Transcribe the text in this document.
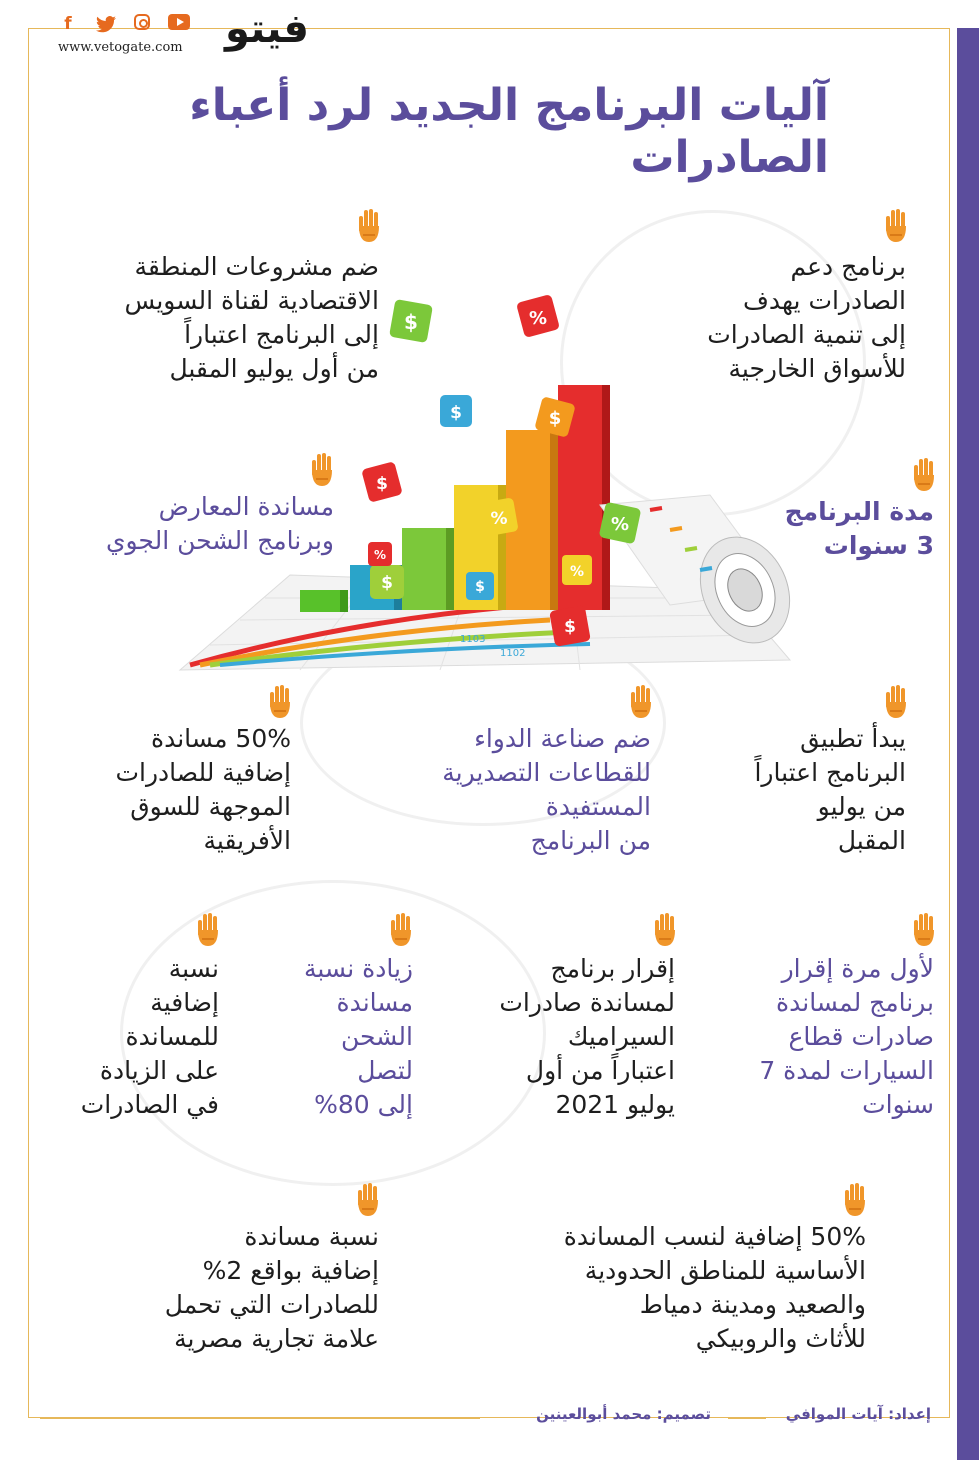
f
www.vetogate.com فيتو
آليات البرنامج الجديد لرد أعباء الصادرات
برنامج دعم
الصادرات يهدف
إلى تنمية الصادرات
للأسواق الخارجية
ضم مشروعات المنطقة
الاقتصادية لقناة السويس
إلى البرنامج اعتباراً
من أول يوليو المقبل
مدة البرنامج
3 سنوات
مساندة المعارض
وبرنامج الشحن الجوي
يبدأ تطبيق
البرنامج اعتباراً
من يوليو
المقبل
ضم صناعة الدواء
للقطاعات التصديرية
المستفيدة
من البرنامج
50% مساندة
إضافية للصادرات
الموجهة للسوق
الأفريقية
لأول مرة إقرار
برنامج لمساندة
صادرات قطاع
السيارات لمدة 7
سنوات
إقرار برنامج
لمساندة صادرات
السيراميك
اعتباراً من أول
يوليو 2021
زيادة نسبة
مساندة
الشحن
لتصل
إلى 80%
نسبة
إضافية
للمساندة
على الزيادة
في الصادرات
50% إضافية لنسب المساندة
الأساسية للمناطق الحدودية
والصعيد ومدينة دمياط
للأثاث والروبيكي
نسبة مساندة
إضافية بواقع 2%
للصادرات التي تحمل
علامة تجارية مصرية
1103
1102
%
$
$	$
%	%
$
$
%
$
%
$
تصميم: محمد أبوالعينين	إعداد: آيات الموافي
